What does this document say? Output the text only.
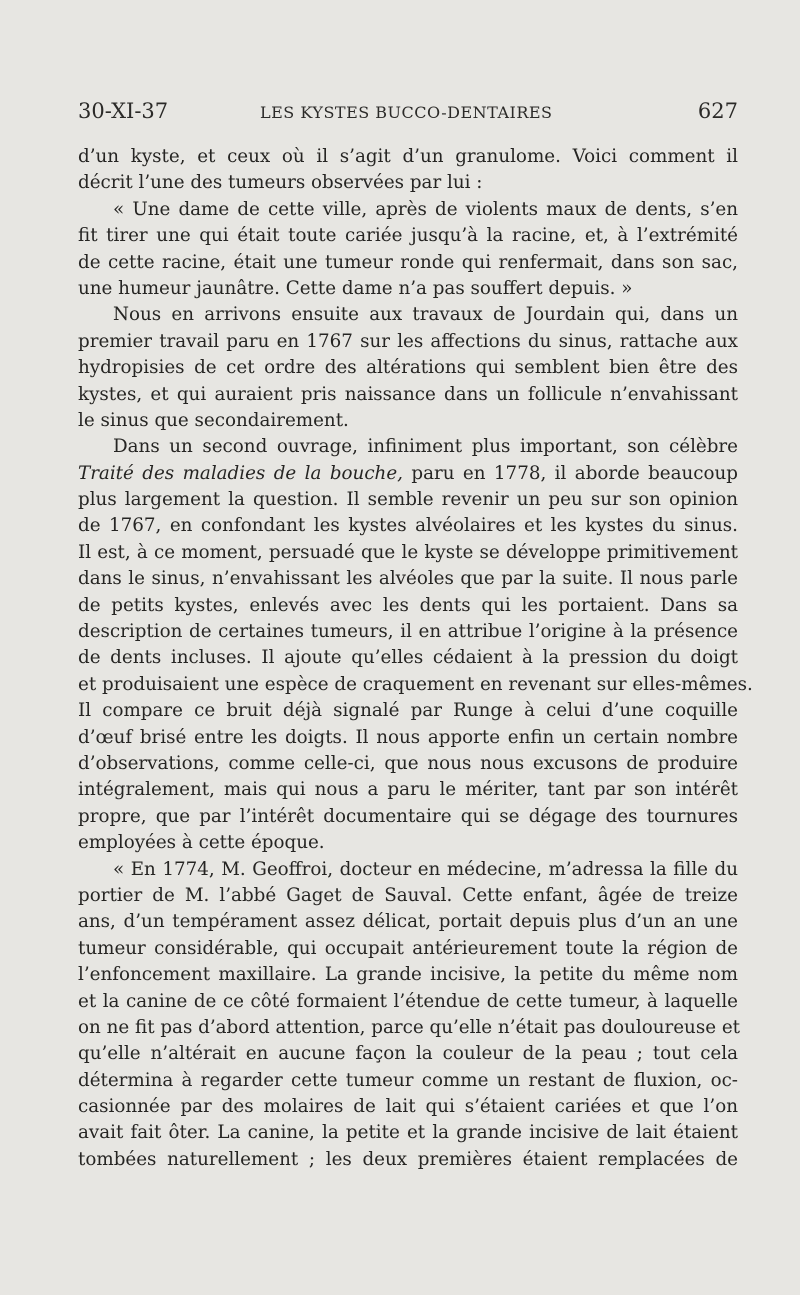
30-XI-37	LES KYSTES BUCCO-DENTAIRES	627
d’un kyste, et ceux où il s’agit d’un granulome. Voici comment il
décrit l’une des tumeurs observées par lui :
« Une dame de cette ville, après de violents maux de dents, s’en
fit tirer une qui était toute cariée jusqu’à la racine, et, à l’extrémité
de cette racine, était une tumeur ronde qui renfermait, dans son sac,
une humeur jaunâtre. Cette dame n’a pas souffert depuis. »
Nous en arrivons ensuite aux travaux de Jourdain qui, dans un
premier travail paru en 1767 sur les affections du sinus, rattache aux
hydropisies de cet ordre des altérations qui semblent bien être des
kystes, et qui auraient pris naissance dans un follicule n’envahissant
le sinus que secondairement.
Dans un second ouvrage, infiniment plus important, son célèbre
Traité des maladies de la bouche, paru en 1778, il aborde beaucoup
plus largement la question. Il semble revenir un peu sur son opinion
de 1767, en confondant les kystes alvéolaires et les kystes du sinus.
Il est, à ce moment, persuadé que le kyste se développe primitivement
dans le sinus, n’envahissant les alvéoles que par la suite. Il nous parle
de petits kystes, enlevés avec les dents qui les portaient. Dans sa
description de certaines tumeurs, il en attribue l’origine à la présence
de dents incluses. Il ajoute qu’elles cédaient à la pression du doigt
et produisaient une espèce de craquement en revenant sur elles-mêmes.
Il compare ce bruit déjà signalé par Runge à celui d’une coquille
d’œuf brisé entre les doigts. Il nous apporte enfin un certain nombre
d’observations, comme celle-ci, que nous nous excusons de produire
intégralement, mais qui nous a paru le mériter, tant par son intérêt
propre, que par l’intérêt documentaire qui se dégage des tournures
employées à cette époque.
« En 1774, M. Geoffroi, docteur en médecine, m’adressa la fille du
portier de M. l’abbé Gaget de Sauval. Cette enfant, âgée de treize
ans, d’un tempérament assez délicat, portait depuis plus d’un an une
tumeur considérable, qui occupait antérieurement toute la région de
l’enfoncement maxillaire. La grande incisive, la petite du même nom
et la canine de ce côté formaient l’étendue de cette tumeur, à laquelle
on ne fit pas d’abord attention, parce qu’elle n’était pas douloureuse et
qu’elle n’altérait en aucune façon la couleur de la peau ; tout cela
détermina à regarder cette tumeur comme un restant de fluxion, oc-
casionnée par des molaires de lait qui s’étaient cariées et que l’on
avait fait ôter. La canine, la petite et la grande incisive de lait étaient
tombées naturellement ; les deux premières étaient remplacées de
